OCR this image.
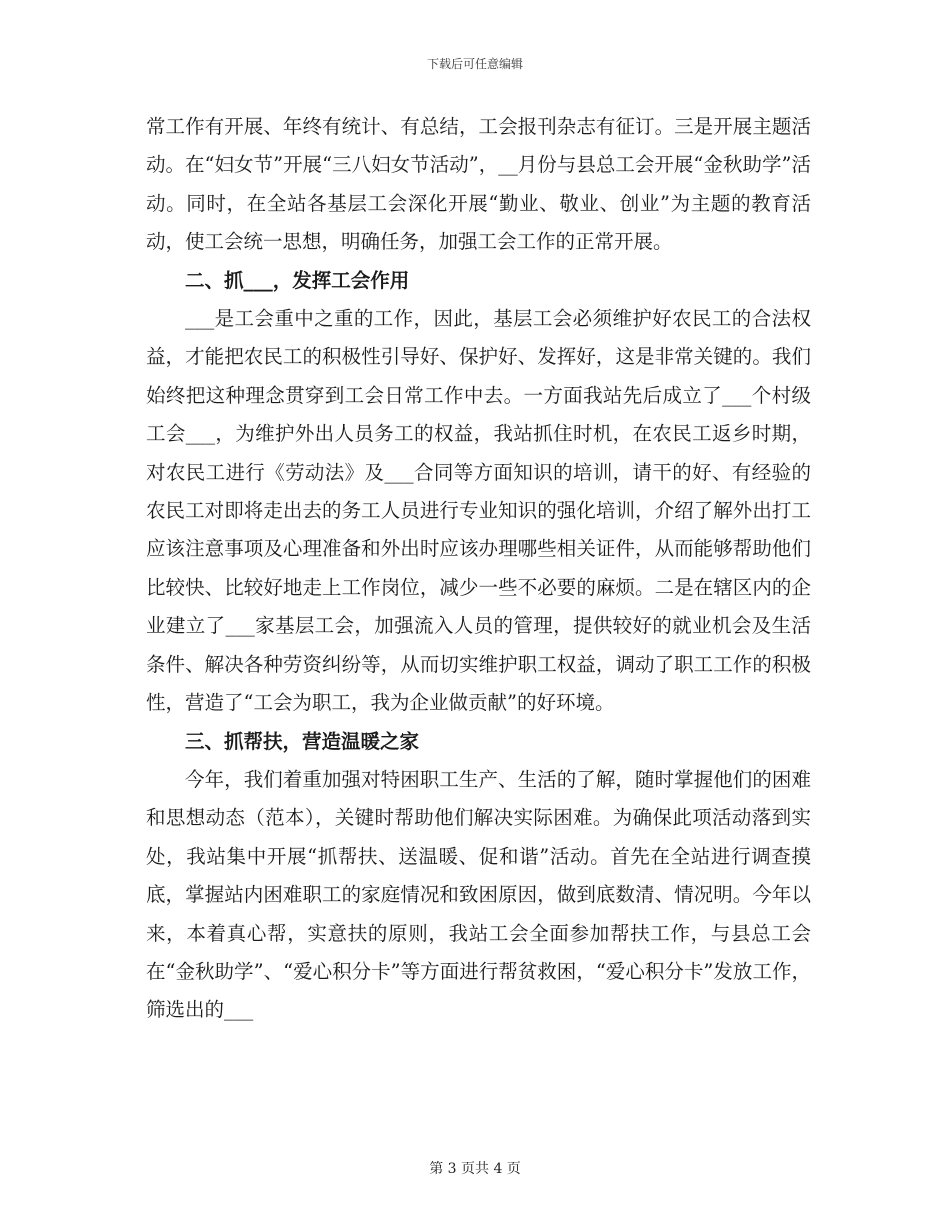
下载后可任意编辑

常工作有开展、年终有统计、有总结，工会报刊杂志有征订。三是开展主题活动。在“妇女节”开展“三八妇女节活动”，__月份与县总工会开展“金秋助学”活动。同时，在全站各基层工会深化开展“勤业、敬业、创业”为主题的教育活动，使工会统一思想，明确任务，加强工会工作的正常开展。

二、抓___，发挥工会作用

___是工会重中之重的工作，因此，基层工会必须维护好农民工的合法权益，才能把农民工的积极性引导好、保护好、发挥好，这是非常关键的。我们始终把这种理念贯穿到工会日常工作中去。一方面我站先后成立了___个村级工会___，为维护外出人员务工的权益，我站抓住时机，在农民工返乡时期，对农民工进行《劳动法》及___合同等方面知识的培训，请干的好、有经验的农民工对即将走出去的务工人员进行专业知识的强化培训，介绍了解外出打工应该注意事项及心理准备和外出时应该办理哪些相关证件，从而能够帮助他们比较快、比较好地走上工作岗位，减少一些不必要的麻烦。二是在辖区内的企业建立了___家基层工会，加强流入人员的管理，提供较好的就业机会及生活条件、解决各种劳资纠纷等，从而切实维护职工权益，调动了职工工作的积极性，营造了“工会为职工，我为企业做贡献”的好环境。

三、抓帮扶，营造温暖之家

今年，我们着重加强对特困职工生产、生活的了解，随时掌握他们的困难和思想动态（范本），关键时帮助他们解决实际困难。为确保此项活动落到实处，我站集中开展“抓帮扶、送温暖、促和谐”活动。首先在全站进行调查摸底，掌握站内困难职工的家庭情况和致困原因，做到底数清、情况明。今年以来，本着真心帮，实意扶的原则，我站工会全面参加帮扶工作，与县总工会在“金秋助学”、“爱心积分卡”等方面进行帮贫救困，“爱心积分卡”发放工作，筛选出的___

第 3 页共 4 页
